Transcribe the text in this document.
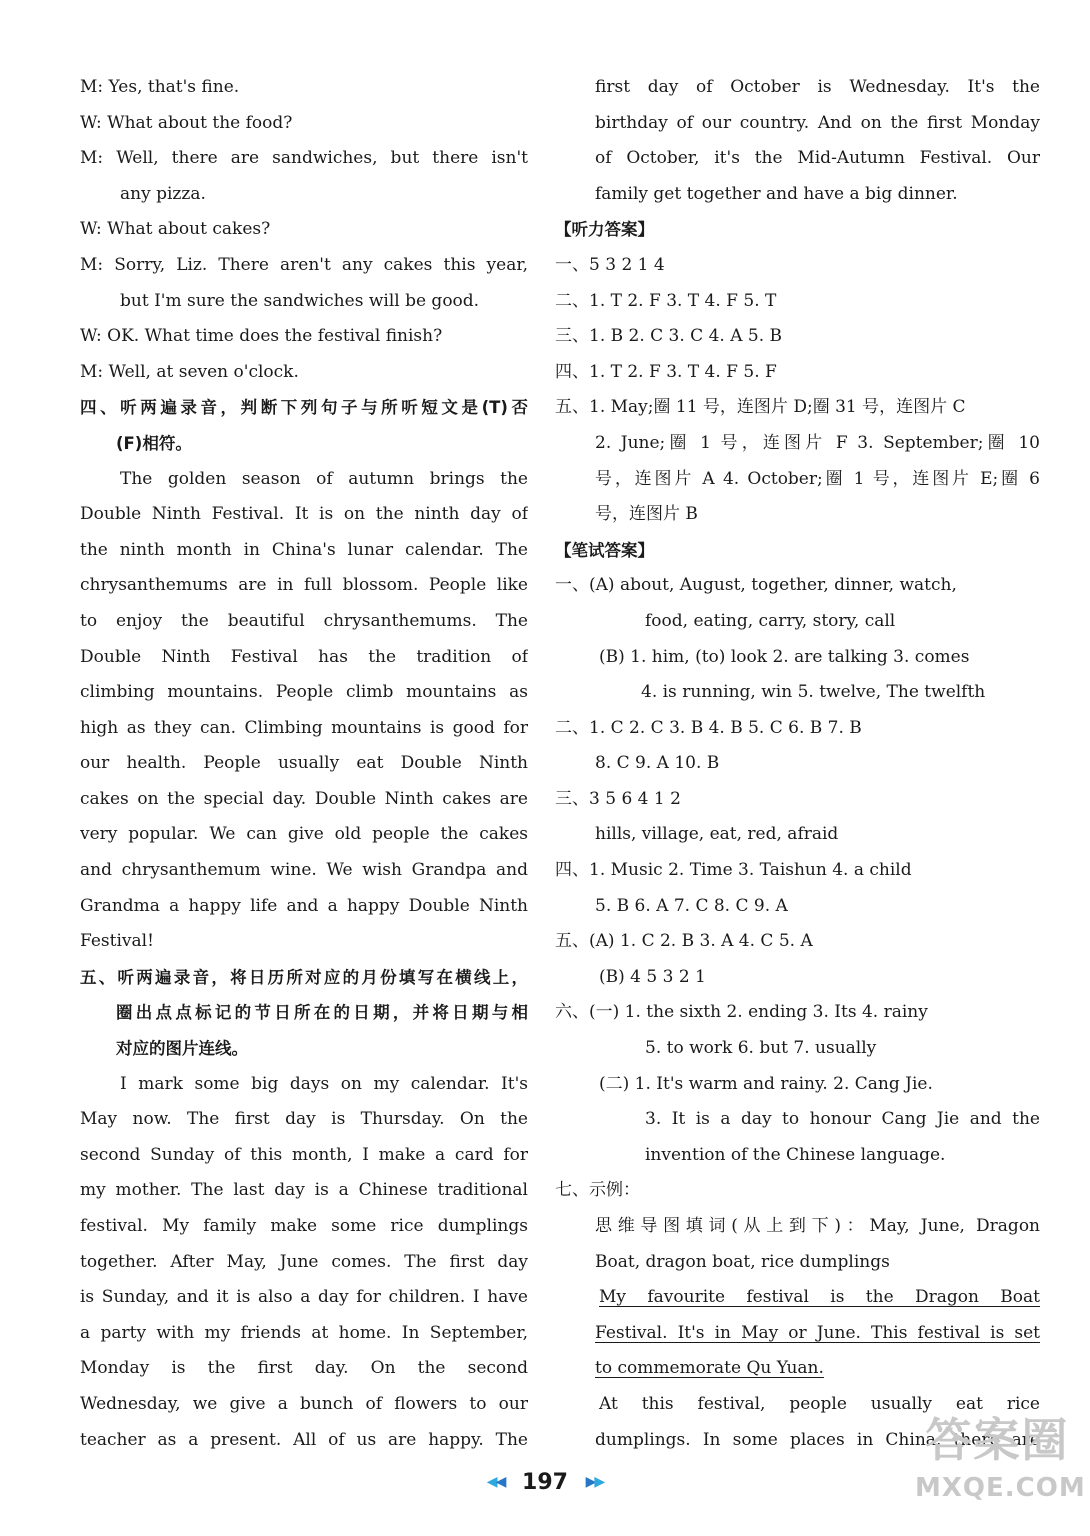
M: Yes, that's fine.
W: What about the food?
M: Well, there are sandwiches, but there isn't
any pizza.
W: What about cakes?
M: Sorry, Liz. There aren't any cakes this year,
but I'm sure the sandwiches will be good.
W: OK. What time does the festival finish?
M: Well, at seven o'clock.
四、听两遍录音，判断下列句子与所听短文是(T)否
(F)相符。
The golden season of autumn brings the
Double Ninth Festival. It is on the ninth day of
the ninth month in China's lunar calendar. The
chrysanthemums are in full blossom. People like
to enjoy the beautiful chrysanthemums. The
Double Ninth Festival has the tradition of
climbing mountains. People climb mountains as
high as they can. Climbing mountains is good for
our health. People usually eat Double Ninth
cakes on the special day. Double Ninth cakes are
very popular. We can give old people the cakes
and chrysanthemum wine. We wish Grandpa and
Grandma a happy life and a happy Double Ninth
Festival!
五、听两遍录音，将日历所对应的月份填写在横线上，
圈出点点标记的节日所在的日期，并将日期与相
对应的图片连线。
I mark some big days on my calendar. It's
May now. The first day is Thursday. On the
second Sunday of this month, I make a card for
my mother. The last day is a Chinese traditional
festival. My family make some rice dumplings
together. After May, June comes. The first day
is Sunday, and it is also a day for children. I have
a party with my friends at home. In September,
Monday is the first day. On the second
Wednesday, we give a bunch of flowers to our
teacher as a present. All of us are happy. The
first day of October is Wednesday. It's the
birthday of our country. And on the first Monday
of October, it's the Mid-Autumn Festival. Our
family get together and have a big dinner.
【听力答案】
一、5 3 2 1 4
二、1. T 2. F 3. T 4. F 5. T
三、1. B 2. C 3. C 4. A 5. B
四、1. T 2. F 3. T 4. F 5. F
五、1. May;圈 11 号，连图片 D;圈 31 号，连图片 C
2. June;圈 1 号，连图片 F 3. September;圈 10
号，连图片 A 4. October;圈 1 号，连图片 E;圈 6
号，连图片 B
【笔试答案】
一、(A) about, August, together, dinner, watch,
food, eating, carry, story, call
(B) 1. him, (to) look 2. are talking 3. comes
4. is running, win 5. twelve, The twelfth
二、1. C 2. C 3. B 4. B 5. C 6. B 7. B
8. C 9. A 10. B
三、3 5 6 4 1 2
hills, village, eat, red, afraid
四、1. Music 2. Time 3. Taishun 4. a child
5. B 6. A 7. C 8. C 9. A
五、(A) 1. C 2. B 3. A 4. C 5. A
(B) 4 5 3 2 1
六、(一) 1. the sixth 2. ending 3. Its 4. rainy
5. to work 6. but 7. usually
(二) 1. It's warm and rainy. 2. Cang Jie.
3. It is a day to honour Cang Jie and the
invention of the Chinese language.
七、示例：
思维导图填词(从上到下)：May, June, Dragon
Boat, dragon boat, rice dumplings
My favourite festival is the Dragon Boat
Festival. It's in May or June. This festival is set
to commemorate Qu Yuan.
At this festival, people usually eat rice
dumplings. In some places in China, there are
◀◀ 197 ▶▶
答案圈
MXQE.COM
